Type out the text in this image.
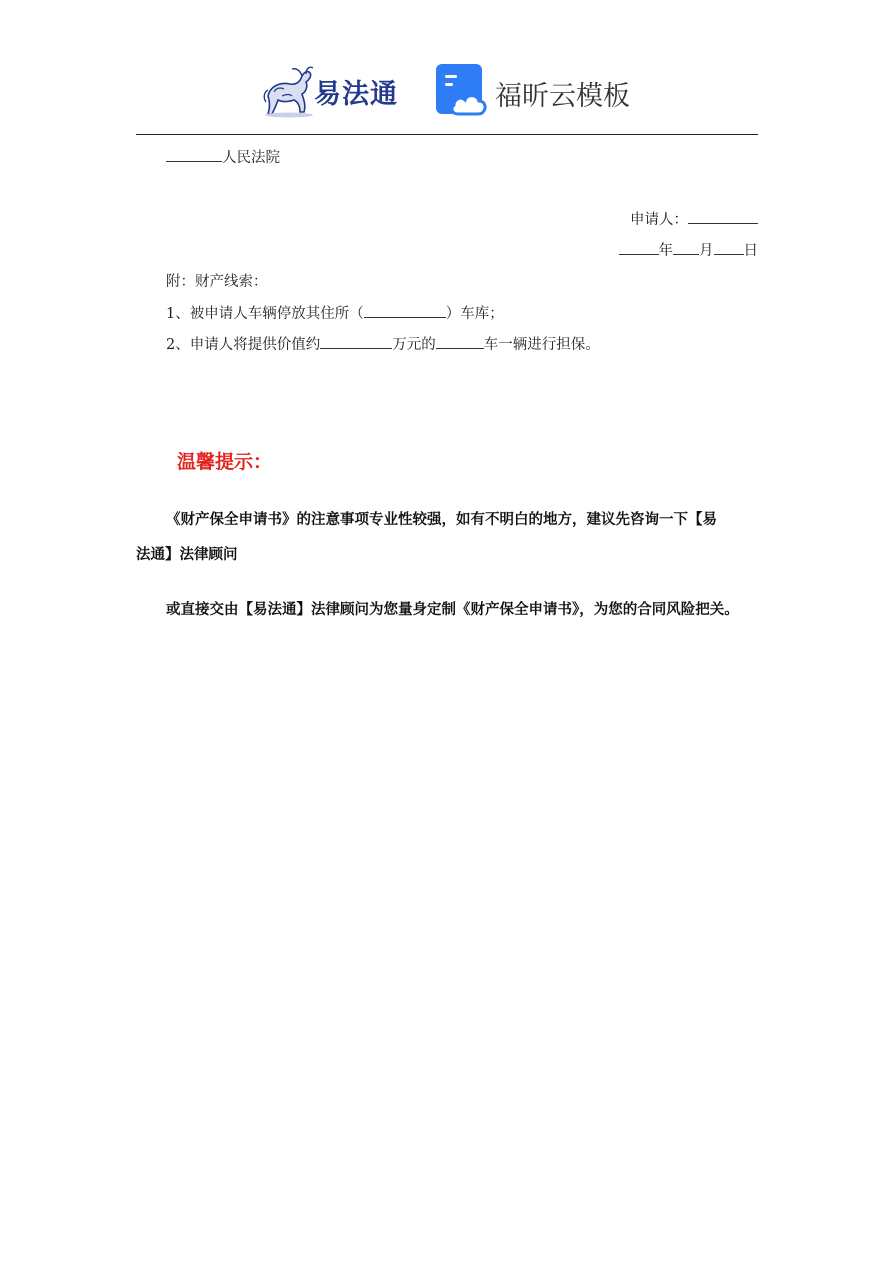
易法通	福昕云模板
人民法院
申请人：
年 月 日
附：财产线索：
1、被申请人车辆停放其住所（	）车库；
2、申请人将提供价值约	万元的	车一辆进行担保。
温馨提示：
《财产保全申请书》的注意事项专业性较强，如有不明白的地方，建议先咨询一下【易
法通】法律顾问
或直接交由【易法通】法律顾问为您量身定制《财产保全申请书》，为您的合同风险把关。
